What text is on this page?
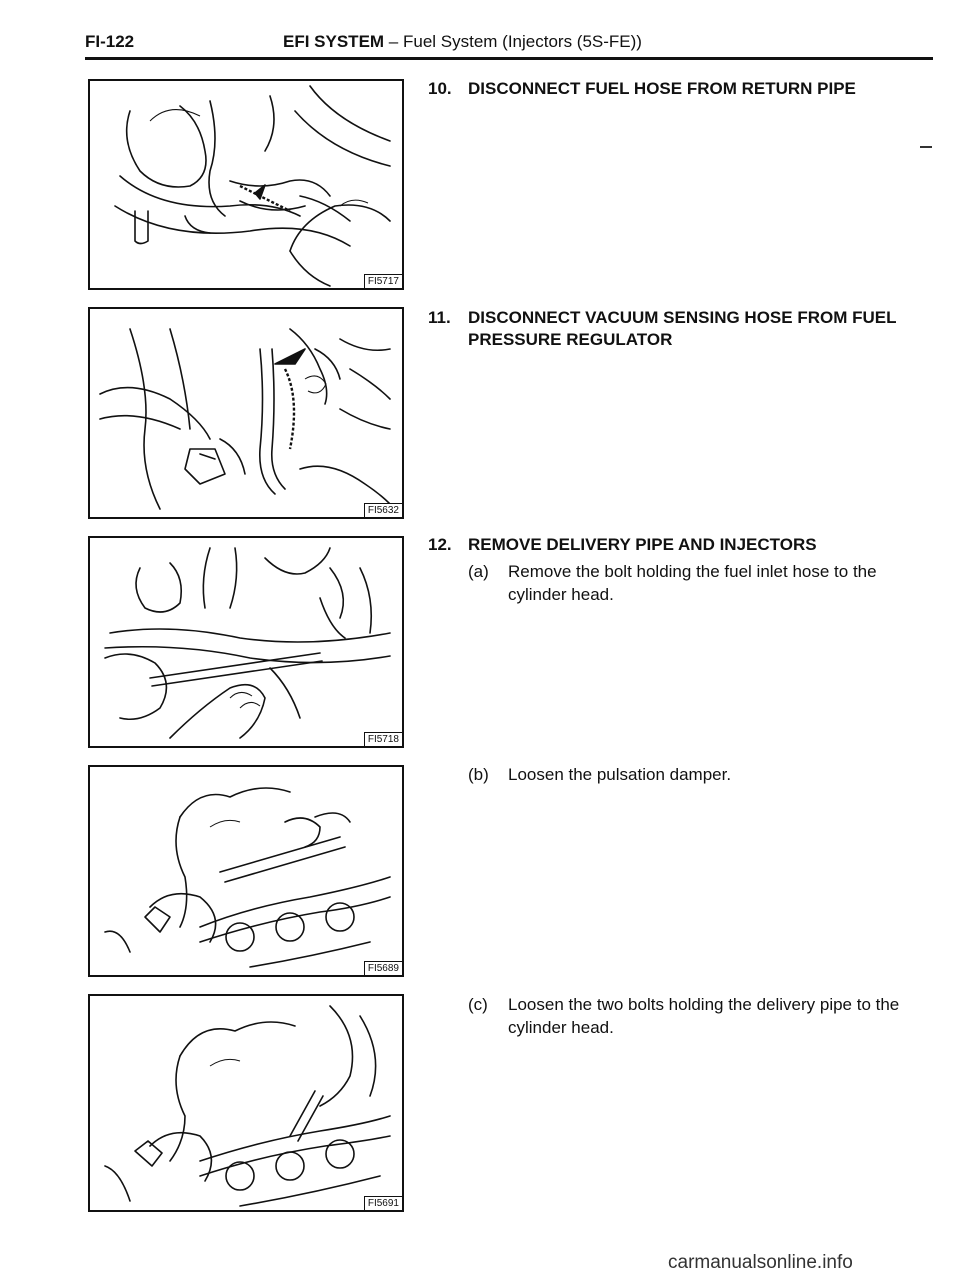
FI-122	EFI SYSTEM – Fuel System (Injectors (5S-FE))
FI5717
FI5632
FI5718
FI5689
FI5691
10. DISCONNECT FUEL HOSE FROM RETURN PIPE
11. DISCONNECT VACUUM SENSING HOSE FROM FUEL PRESSURE REGULATOR
12. REMOVE DELIVERY PIPE AND INJECTORS
(a) Remove the bolt holding the fuel inlet hose to the cylinder head.
(b) Loosen the pulsation damper.
(c) Loosen the two bolts holding the delivery pipe to the cylinder head.
carmanualsonline.info
